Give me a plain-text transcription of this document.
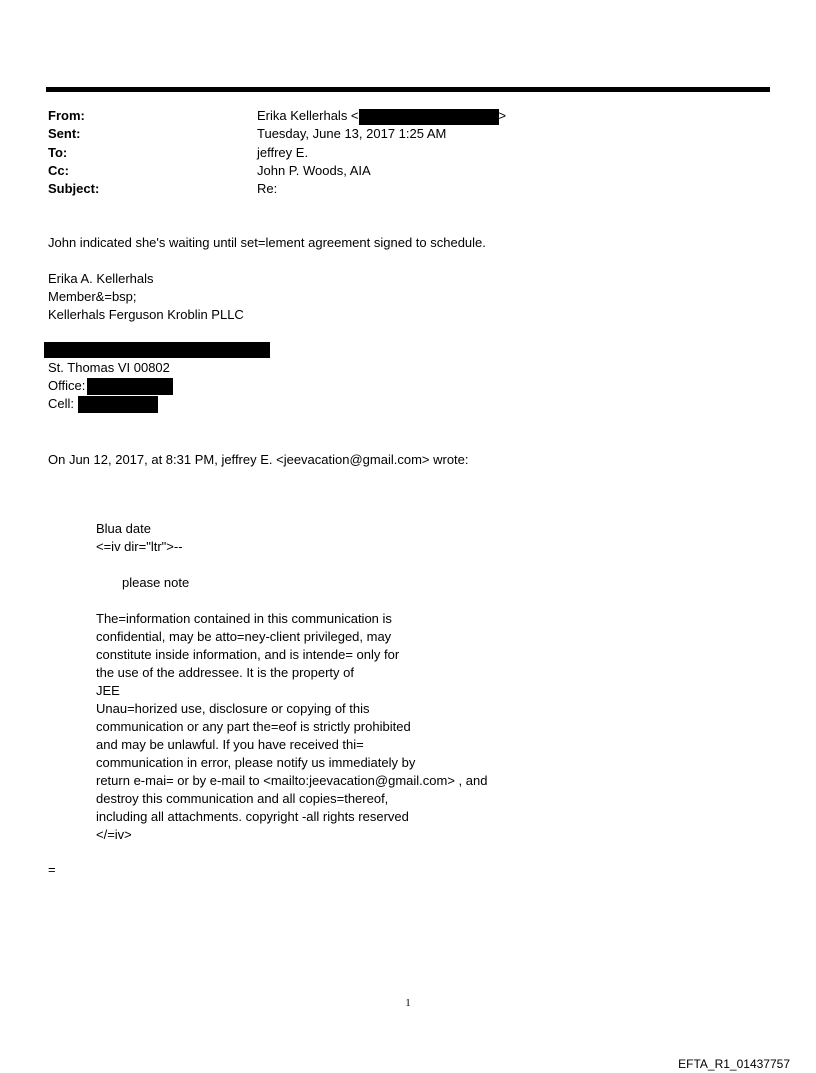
From:	Erika Kellerhals <	>
Sent:	Tuesday, June 13, 2017 1:25 AM
To:	jeffrey E.
Cc:	John P. Woods, AIA
Subject:	Re:
John indicated she's waiting until set=lement agreement signed to schedule.
Erika A. Kellerhals
Member&=bsp;
Kellerhals Ferguson Kroblin PLLC
St. Thomas VI 00802
Office:
Cell:
On Jun 12, 2017, at 8:31 PM, jeffrey E. <jeevacation@gmail.com> wrote:
Blua date
<=iv dir="ltr">--
please note
The=information contained in this communication is
confidential, may be atto=ney-client privileged, may
constitute inside information, and is intende= only for
the use of the addressee. It is the property of
JEE
Unau=horized use, disclosure or copying of this
communication or any part the=eof is strictly prohibited
and may be unlawful. If you have received thi=
communication in error, please notify us immediately by
return e-mai= or by e-mail to <mailto:jeevacation@gmail.com> , and
destroy this communication and all copies=thereof,
including all attachments. copyright -all rights reserved
</=iv>
=
1
EFTA_R1_01437757
